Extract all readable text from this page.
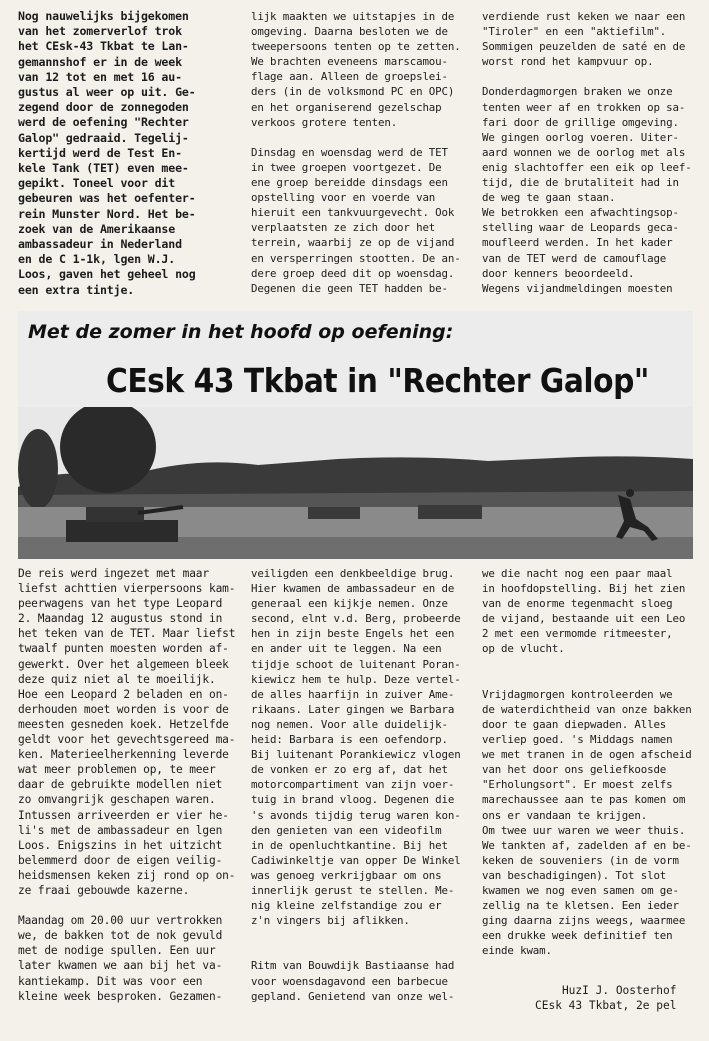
Nog nauwelijks bijgekomen
van het zomerverlof trok
het CEsk-43 Tkbat te Lan-
gemannshof er in de week
van 12 tot en met 16 au-
gustus al weer op uit. Ge-
zegend door de zonnegoden
werd de oefening "Rechter
Galop" gedraaid. Tegelij-
kertijd werd de Test En-
kele Tank (TET) even mee-
gepikt. Toneel voor dit
gebeuren was het oefenter-
rein Munster Nord. Het be-
zoek van de Amerikaanse
ambassadeur in Nederland
en de C 1-1k, lgen W.J.
Loos, gaven het geheel nog
een extra tintje.
lijk maakten we uitstapjes in de
omgeving. Daarna besloten we de
tweepersoons tenten op te zetten.
We brachten eveneens marscamou-
flage aan. Alleen de groepslei-
ders (in de volksmond PC en OPC)
en het organiserend gezelschap
verkoos grotere tenten.

Dinsdag en woensdag werd de TET
in twee groepen voortgezet. De
ene groep bereidde dinsdags een
opstelling voor en voerde van
hieruit een tankvuurgevecht. Ook
verplaatsten ze zich door het
terrein, waarbij ze op de vijand
en versperringen stootten. De an-
dere groep deed dit op woensdag.
Degenen die geen TET hadden be-
verdiende rust keken we naar een
"Tiroler" en een "aktiefilm".
Sommigen peuzelden de saté en de
worst rond het kampvuur op.

Donderdagmorgen braken we onze
tenten weer af en trokken op sa-
fari door de grillige omgeving.
We gingen oorlog voeren. Uiter-
aard wonnen we de oorlog met als
enig slachtoffer een eik op leef-
tijd, die de brutaliteit had in
de weg te gaan staan.
We betrokken een afwachtingsop-
stelling waar de Leopards geca-
moufleerd werden. In het kader
van de TET werd de camouflage
door kenners beoordeeld.
Wegens vijandmeldingen moesten
Met de zomer in het hoofd op oefening:
CEsk 43 Tkbat in "Rechter Galop"
De reis werd ingezet met maar
liefst achttien vierpersoons kam-
peerwagens van het type Leopard
2. Maandag 12 augustus stond in
het teken van de TET. Maar liefst
twaalf punten moesten worden af-
gewerkt. Over het algemeen bleek
deze quiz niet al te moeilijk.
Hoe een Leopard 2 beladen en on-
derhouden moet worden is voor de
meesten gesneden koek. Hetzelfde
geldt voor het gevechtsgereed ma-
ken. Materieelherkenning leverde
wat meer problemen op, te meer
daar de gebruikte modellen niet
zo omvangrijk geschapen waren.
Intussen arriveerden er vier he-
li's met de ambassadeur en lgen
Loos. Enigszins in het uitzicht
belemmerd door de eigen veilig-
heidsmensen keken zij rond op on-
ze fraai gebouwde kazerne.

Maandag om 20.00 uur vertrokken
we, de bakken tot de nok gevuld
met de nodige spullen. Een uur
later kwamen we aan bij het va-
kantiekamp. Dit was voor een
kleine week besproken. Gezamen-
veiligden een denkbeeldige brug.
Hier kwamen de ambassadeur en de
generaal een kijkje nemen. Onze
second, elnt v.d. Berg, probeerde
hen in zijn beste Engels het een
en ander uit te leggen. Na een
tijdje schoot de luitenant Poran-
kiewicz hem te hulp. Deze vertel-
de alles haarfijn in zuiver Ame-
rikaans. Later gingen we Barbara
nog nemen. Voor alle duidelijk-
heid: Barbara is een oefendorp.
Bij luitenant Porankiewicz vlogen
de vonken er zo erg af, dat het
motorcompartiment van zijn voer-
tuig in brand vloog. Degenen die
's avonds tijdig terug waren kon-
den genieten van een videofilm
in de openluchtkantine. Bij het
Cadiwinkeltje van opper De Winkel
was genoeg verkrijgbaar om ons
innerlijk gerust te stellen. Me-
nig kleine zelfstandige zou er
z'n vingers bij aflikken.

Ritm van Bouwdijk Bastiaanse had
voor woensdagavond een barbecue
gepland. Genietend van onze wel-
we die nacht nog een paar maal
in hoofdopstelling. Bij het zien
van de enorme tegenmacht sloeg
de vijand, bestaande uit een Leo
2 met een vermomde ritmeester,
op de vlucht.

Vrijdagmorgen kontroleerden we
de waterdichtheid van onze bakken
door te gaan diepwaden. Alles
verliep goed. 's Middags namen
we met tranen in de ogen afscheid
van het door ons geliefkoosde
"Erholungsort". Er moest zelfs
marechaussee aan te pas komen om
ons er vandaan te krijgen.
Om twee uur waren we weer thuis.
We tankten af, zadelden af en be-
keken de souveniers (in de vorm
van beschadigingen). Tot slot
kwamen we nog even samen om ge-
zellig na te kletsen. Een ieder
ging daarna zijns weegs, waarmee
een drukke week definitief ten
einde kwam.
HuzI J. Oosterhof
CEsk 43 Tkbat, 2e pel
